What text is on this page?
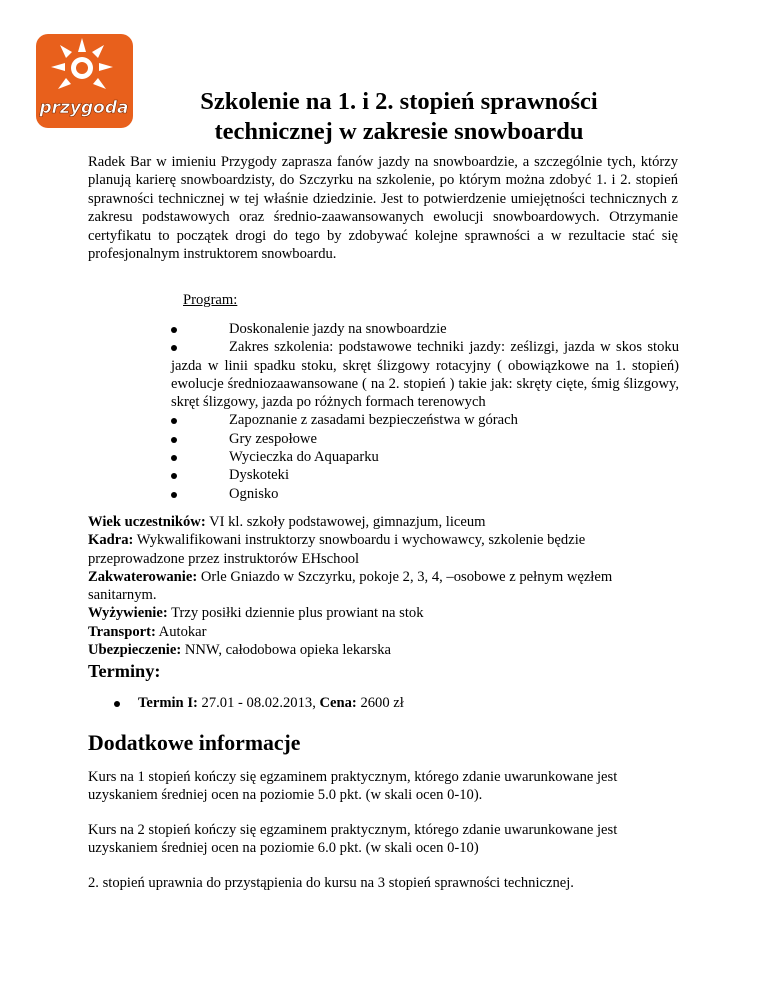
przygoda	Szkolenie na 1. i 2. stopień sprawności
technicznej w zakresie snowboardu

Radek Bar w imieniu Przygody zaprasza fanów jazdy na snowboardzie, a szczególnie tych, którzy planują karierę snowboardzisty, do Szczyrku na szkolenie, po którym można zdobyć 1. i 2. stopień sprawności technicznej w tej właśnie dziedzinie. Jest to potwierdzenie umiejętności technicznych z zakresu podstawowych oraz średnio-zaawansowanych ewolucji snowboardowych. Otrzymanie certyfikatu to początek drogi do tego by zdobywać kolejne sprawności a w rezultacie stać się profesjonalnym instruktorem snowboardu.

Program:

Doskonalenie jazdy na snowboardzie
Zakres szkolenia: podstawowe techniki jazdy: ześlizgi, jazda w skos stoku jazda w linii spadku stoku, skręt ślizgowy rotacyjny ( obowiązkowe na 1. stopień) ewolucje średniozaawansowane ( na 2. stopień ) takie jak: skręty cięte, śmig ślizgowy, skręt ślizgowy, jazda po różnych formach terenowych
Zapoznanie z zasadami bezpieczeństwa w górach
Gry zespołowe
Wycieczka do Aquaparku
Dyskoteki
Ognisko
Wiek uczestników: VI kl. szkoły podstawowej, gimnazjum, liceum
Kadra: Wykwalifikowani instruktorzy snowboardu i wychowawcy, szkolenie będzie przeprowadzone przez instruktorów EHschool
Zakwaterowanie: Orle Gniazdo w Szczyrku, pokoje 2, 3, 4, –osobowe z pełnym węzłem sanitarnym.
Wyżywienie: Trzy posiłki dziennie plus prowiant na stok
Transport: Autokar
Ubezpieczenie: NNW, całodobowa opieka lekarska
Terminy:
Termin I: 27.01 - 08.02.2013, Cena: 2600 zł
Dodatkowe informacje

Kurs na 1 stopień kończy się egzaminem praktycznym, którego zdanie uwarunkowane jest uzyskaniem średniej ocen na poziomie 5.0 pkt. (w skali ocen 0-10).

Kurs na 2 stopień kończy się egzaminem praktycznym, którego zdanie uwarunkowane jest uzyskaniem średniej ocen na poziomie 6.0 pkt. (w skali ocen 0-10)

2. stopień uprawnia do przystąpienia do kursu na 3 stopień sprawności technicznej.
